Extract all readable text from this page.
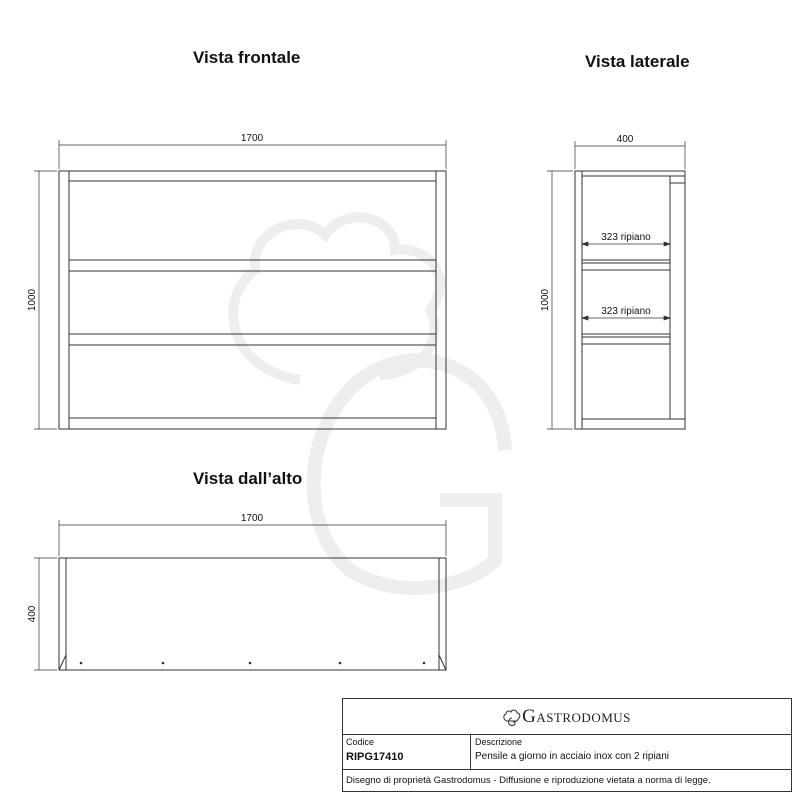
Vista frontale	Vista laterale
Vista dall’alto
1700
1000
400
1000
323 ripiano
323 ripiano
1700
400
Gastrodomus
Codice
RIPG17410
Descrizione
Pensile a giorno in acciaio inox con 2 ripiani
Disegno di proprietà Gastrodomus - Diffusione e riproduzione vietata a norma di legge.
